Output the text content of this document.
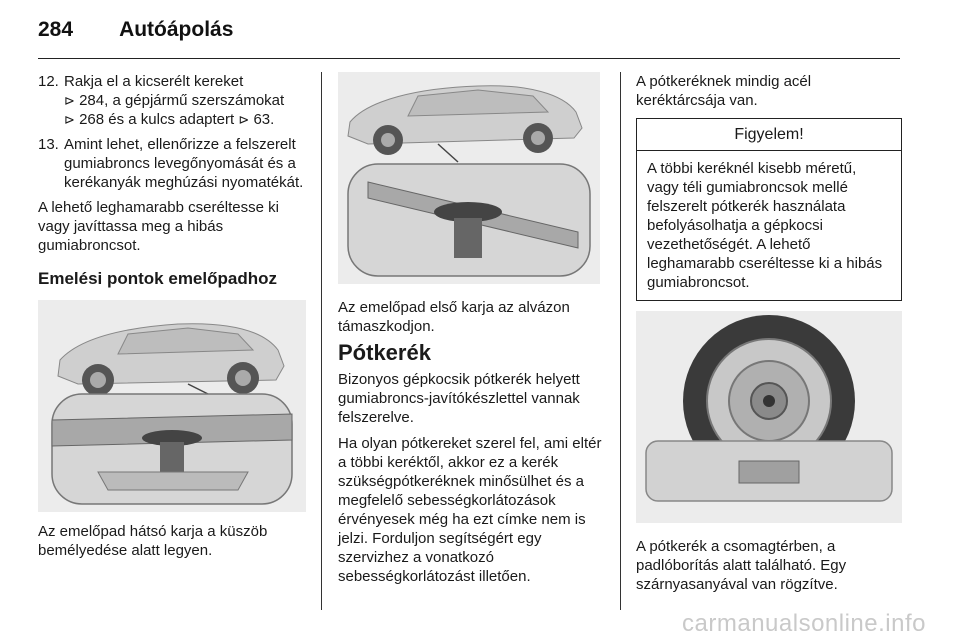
284 Autóápolás
12. Rakja el a kicserélt kereket
⊳ 284, a gépjármű szerszámokat
⊳ 268 és a kulcs adaptert ⊳ 63.
13. Amint lehet, ellenőrizze a felszerelt gumiabroncs levegőnyomását és a kerékanyák meghúzási nyomatékát.

A lehető leghamarabb cseréltesse ki vagy javíttassa meg a hibás gumiabroncsot.

Emelési pontok emelőpadhoz

Az emelőpad hátsó karja a küszöb bemélyedése alatt legyen.

Az emelőpad első karja az alvázon támaszkodjon.

Pótkerék

Bizonyos gépkocsik pótkerék helyett gumiabroncs-javítókészlettel vannak felszerelve.

Ha olyan pótkereket szerel fel, ami eltér a többi keréktől, akkor ez a kerék szükségpótkeréknek minősülhet és a megfelelő sebességkorlátozások érvényesek még ha ezt címke nem is jelzi. Forduljon segítségért egy szervizhez a vonatkozó sebességkorlátozást illetően.

A pótkeréknek mindig acél keréktárcsája van.

Figyelem!
A többi keréknél kisebb méretű, vagy téli gumiabroncsok mellé felszerelt pótkerék használata befolyásolhatja a gépkocsi vezethetőségét. A lehető leghamarabb cseréltesse ki a hibás gumiabroncsot.

A pótkerék a csomagtérben, a padlóborítás alatt található. Egy szárnyasanyával van rögzítve.

carmanualsonline.info
